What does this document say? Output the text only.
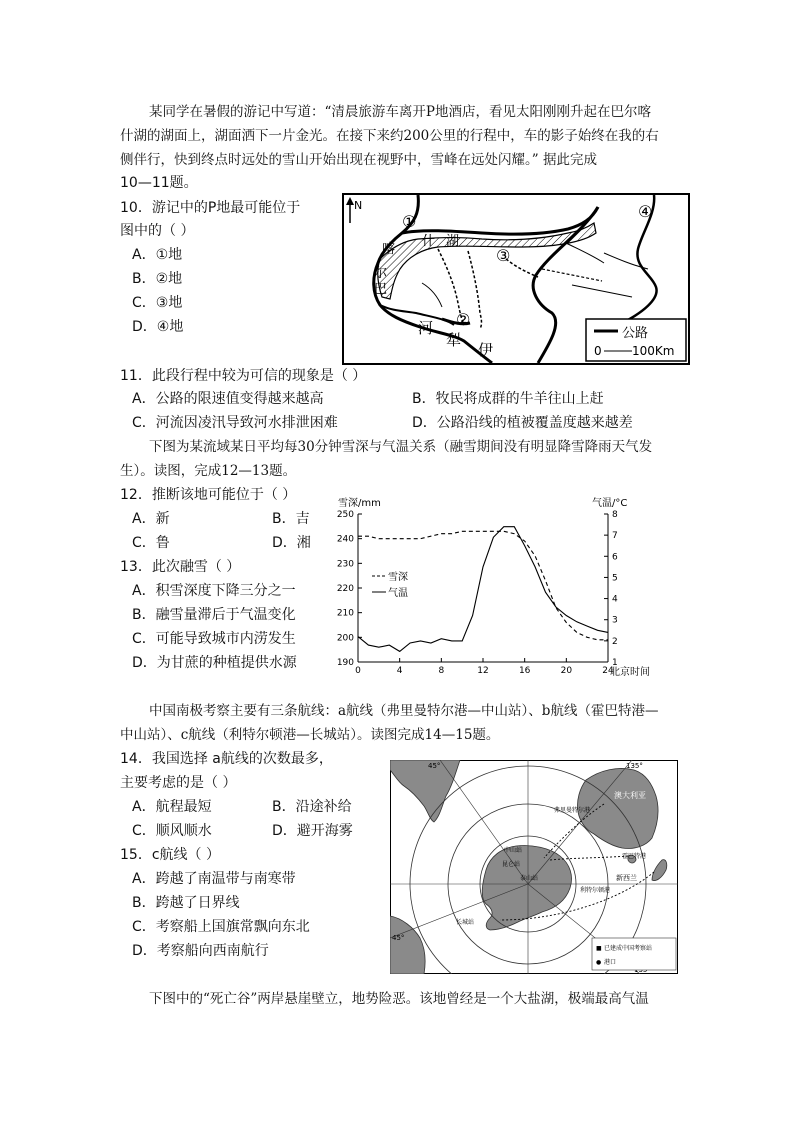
某同学在暑假的游记中写道：“清晨旅游车离开P地酒店，看见太阳刚刚升起在巴尔喀
什湖的湖面上，湖面洒下一片金光。在接下来约200公里的行程中，车的影子始终在我的右
侧伴行，快到终点时远处的雪山开始出现在视野中，雪峰在远处闪耀。” 据此完成
10—11题。
10．游记中的P地最可能位于
图中的（ ）
A．①地
B．②地
C．③地
D．④地
N
①
②
③
④
巴
尔
喀
什 湖
河
犁
伊
公路
0	100Km
11．此段行程中较为可信的现象是（ ）
A．公路的限速值变得越来越高	B．牧民将成群的牛羊往山上赶
C．河流因凌汛导致河水排泄困难	D．公路沿线的植被覆盖度越来越差
下图为某流域某日平均每30分钟雪深与气温关系（融雪期间没有明显降雪降雨天气发
生）。读图，完成12—13题。
12．推断该地可能位于（ ）
A．新	B．吉
C．鲁	D．湘
13．此次融雪（ ）
A．积雪深度下降三分之一
B．融雪量滞后于气温变化
C．可能导致城市内涝发生
D．为甘蔗的种植提供水源
雪深/mm	气温/°C
北京时间
190
200
210
220
230
240
250
1
2
3
4
5
6
7
8
0	4	8	12	16	20	24
雪深
气温
中国南极考察主要有三条航线：a航线（弗里曼特尔港—中山站）、b航线（霍巴特港—
中山站）、c航线（利特尔顿港—长城站）。读图完成14—15题。
14．我国选择 a航线的次数最多，
主要考虑的是（ ）
A．航程最短	B．沿途补给
C．顺风顺水	D．避开海雾
15．c航线（ ）
A．跨越了南温带与南寒带
B．跨越了日界线
C．考察船上国旗常飘向东北
D．考察船向西南航行
45°	135°
45°
弗里曼特尔港
澳大利亚
霍巴特港
新西兰
利特尔顿港
中山站
昆仑站
泰山站
长城站
■ 已建成中国考察站
● 港口
下图中的“死亡谷”两岸悬崖壁立，地势险恶。该地曾经是一个大盐湖，极端最高气温
